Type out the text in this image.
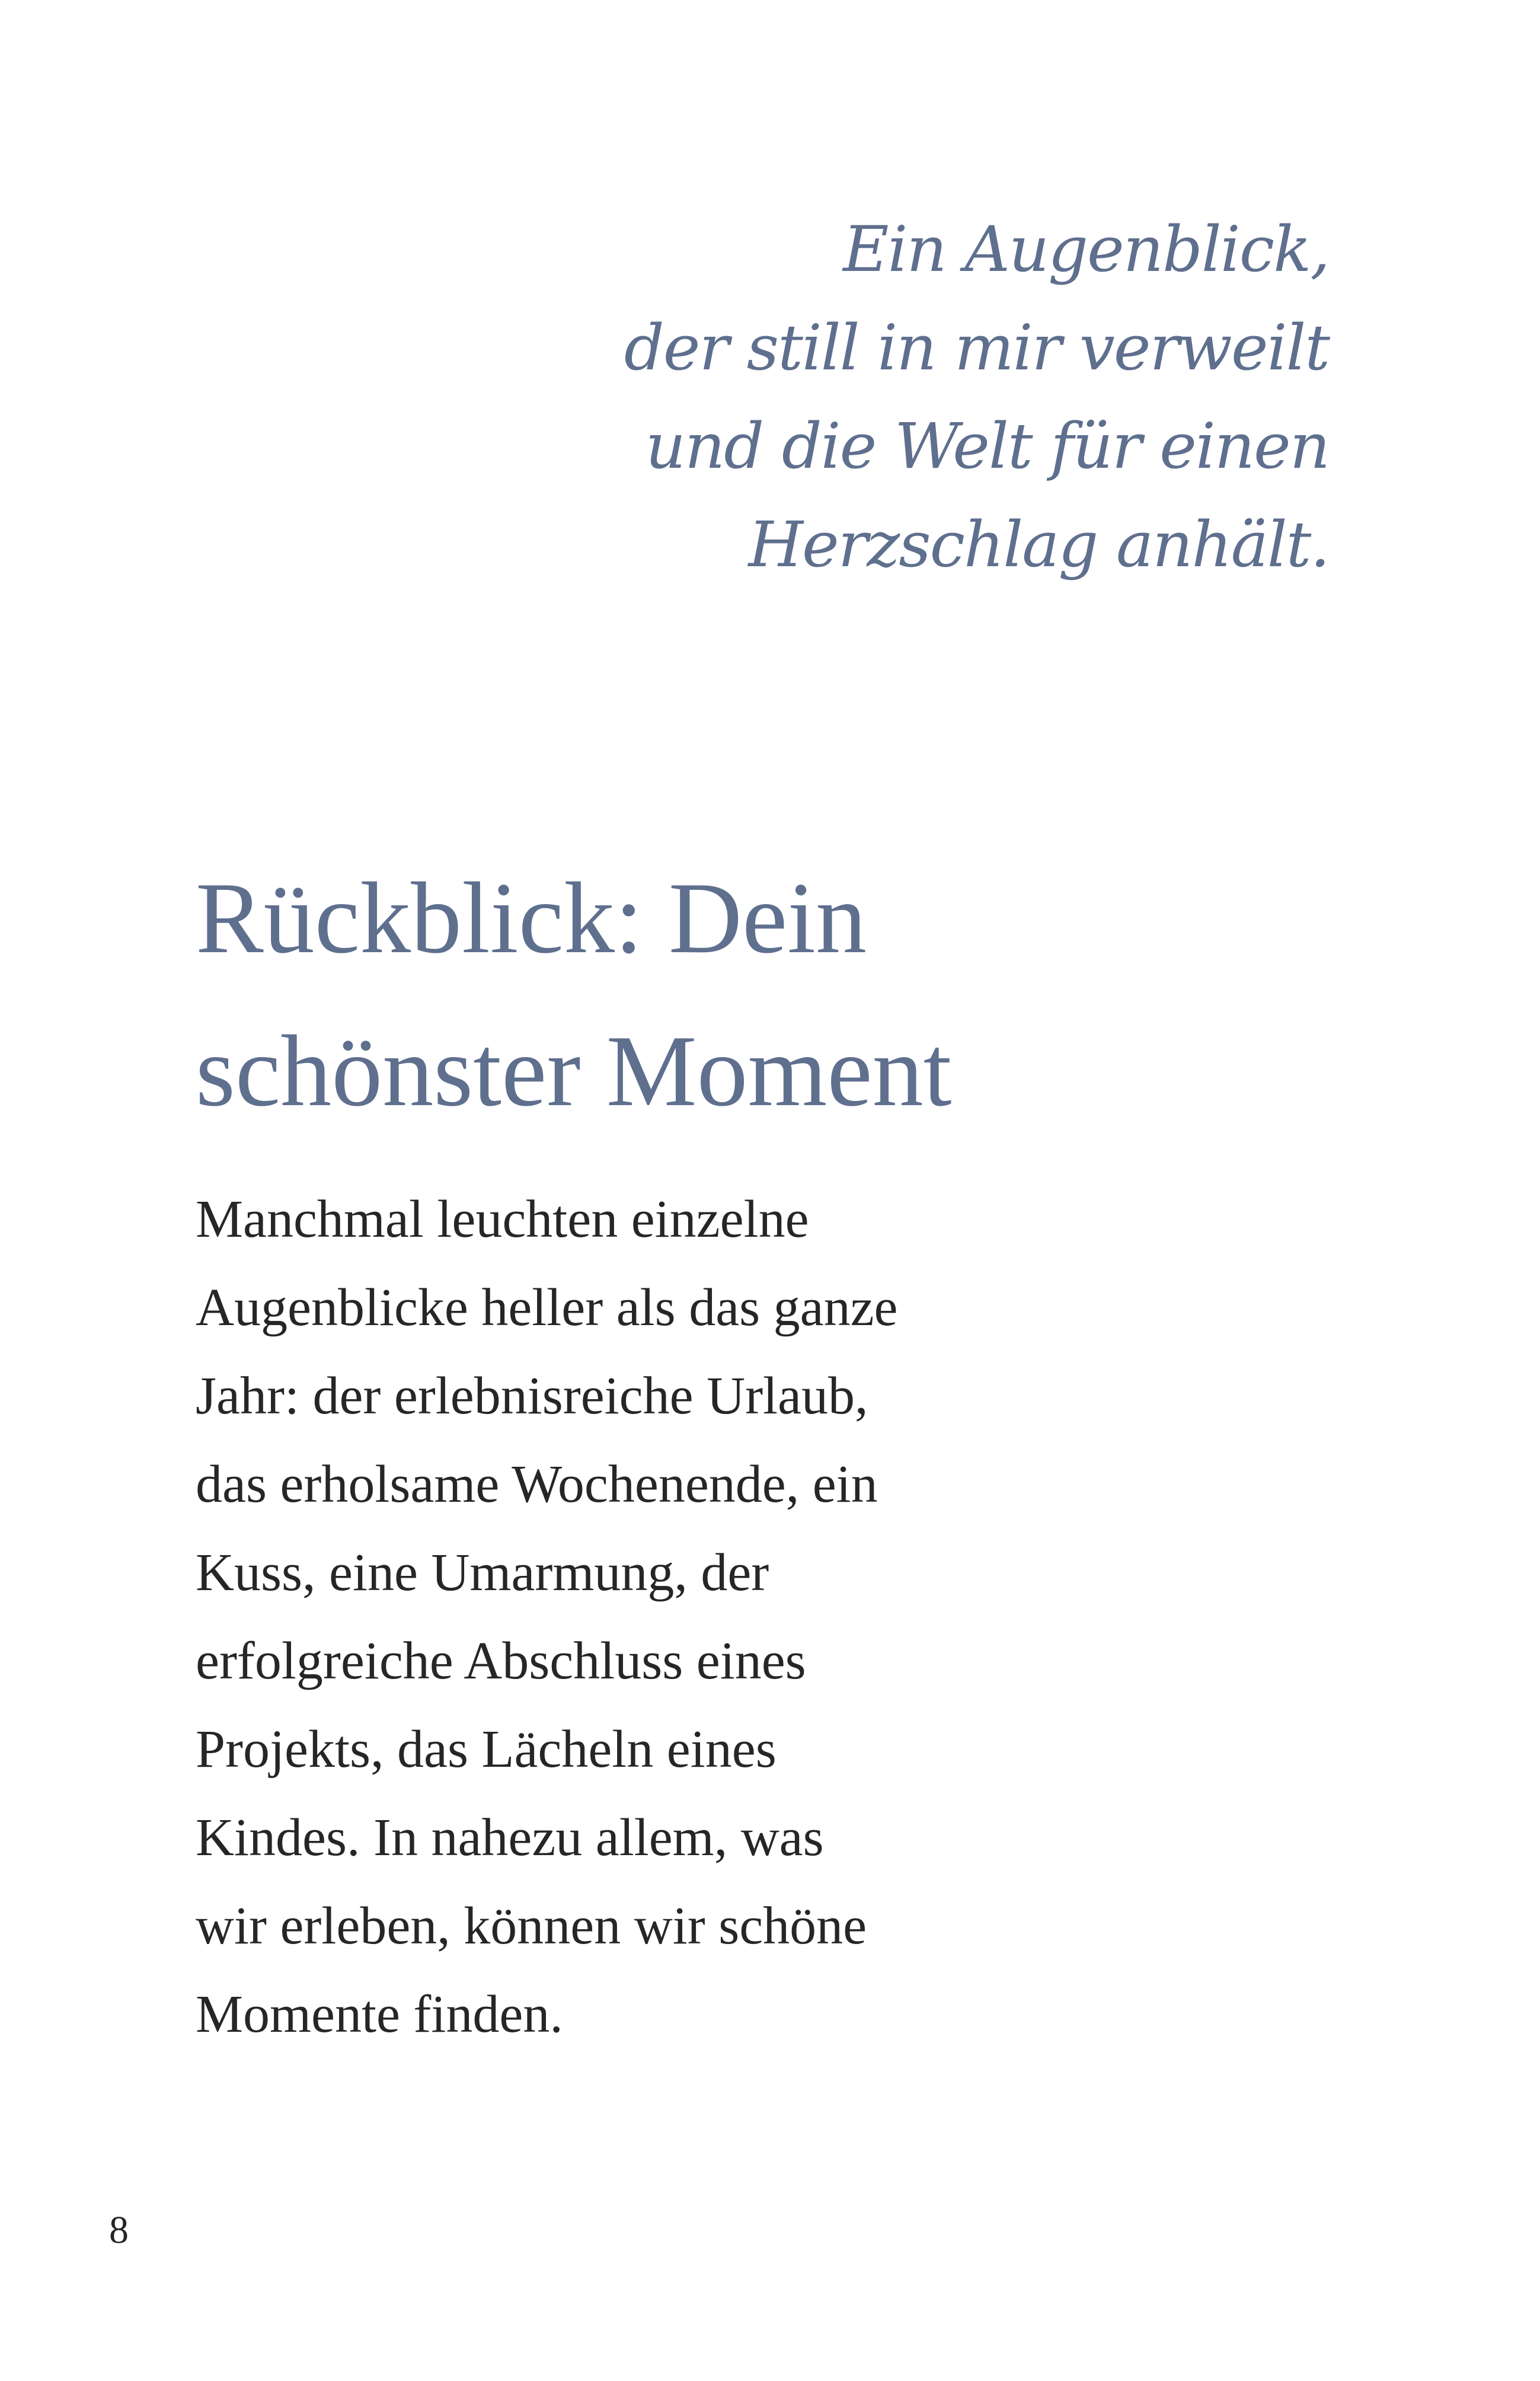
Ein Augenblick,
der still in mir verweilt
und die Welt für einen
Herzschlag anhält.
Rückblick: Dein
schönster Moment

Manchmal leuchten einzelne
Augenblicke heller als das ganze
Jahr: der erlebnisreiche Urlaub,
das erholsame Wochenende, ein
Kuss, eine Umarmung, der
erfolgreiche Abschluss eines
Projekts, das Lächeln eines
Kindes. In nahezu allem, was
wir erleben, können wir schöne
Momente finden.

8
